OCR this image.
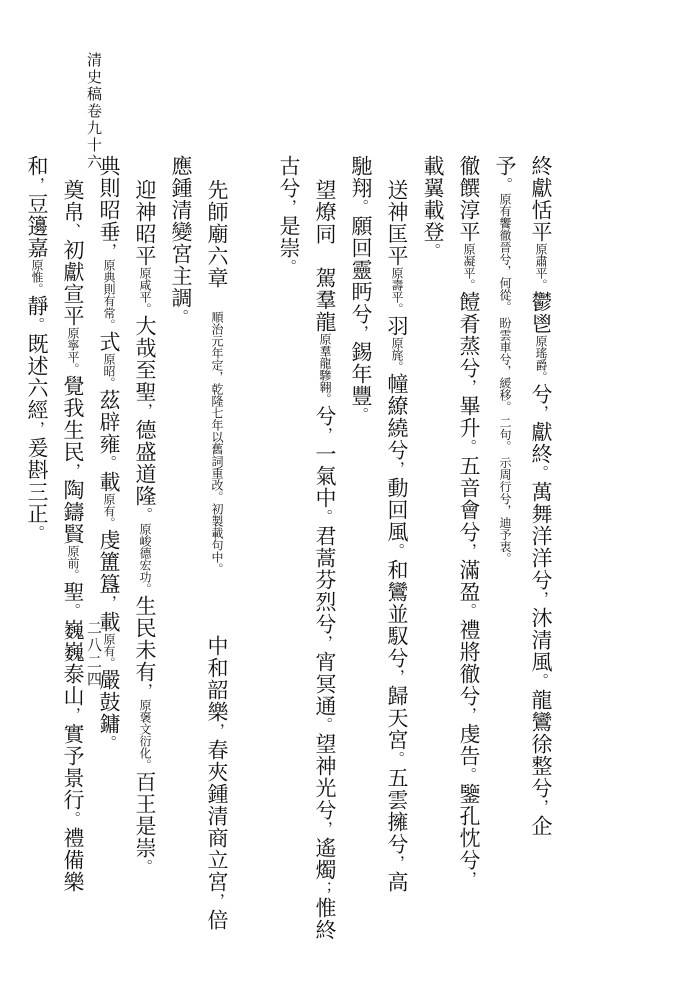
清史稿卷九十六
二八二四
終獻恬平原肅平。鬱鬯原瑤爵。兮，獻終。萬舞洋洋兮，沐清風。龍鸞徐整兮，企
予。原有饗徹晉兮，何從。 盼雲車兮，緩移。 二句。 示周行兮，迪予衷。
徹饌淳平原凝平。饐肴蒸兮，畢升。五音會兮，滿盈。禮將徹兮，虔告。鑒孔忱兮，
載翼載登。
送神匡平原壽平。羽原旄。幢繚繞兮，動回風。和鸞並馭兮，歸天宮。五雲擁兮，高
馳翔。願回靈眄兮，錫年豐。
望燎同　駕羣龍原羣龍驂翱。兮，一氣中。君蒿芬烈兮，宵冥通。望神光兮，遙燭；惟終
古兮，是崇。
先師廟六章　順治元年定，乾隆七年以舊詞重改。初製載句中。　　　中和韶樂，春夾鍾清商立宮，倍
應鍾清變宮主調。
迎神昭平原咸平。大哉至聖，德盛道隆。原峻德宏功。生民未有，原褒文衍化。百王是崇。
典則昭垂，原典則有常。式原昭。茲辟雍。載原有。虔簠簋，載原有。嚴鼓鏞。
奠帛、初獻宣平原寧平。覺我生民，陶鑄賢原前。聖。巍巍泰山，實予景行。禮備樂
和，豆籩嘉原惟。靜。既述六經，爰斟三正。
